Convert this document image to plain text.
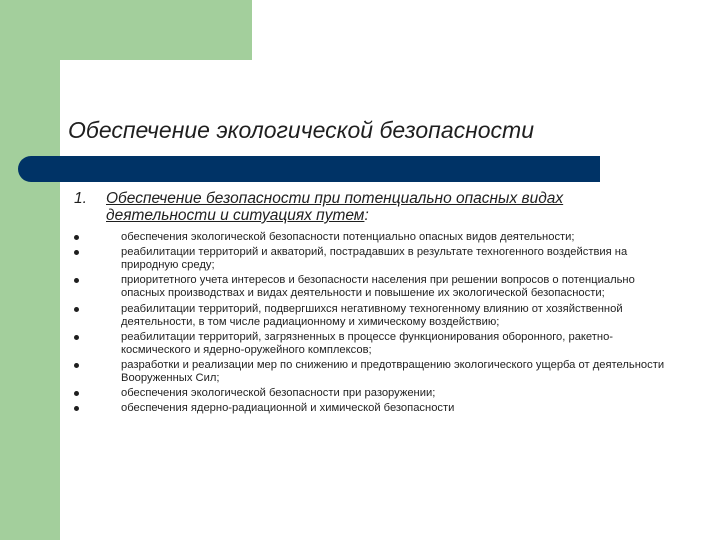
Обеспечение экологической безопасности
1.	Обеспечение безопасности при потенциально опасных видах деятельности и ситуациях путем:
обеспечения экологической безопасности потенциально опасных видов деятельности;
реабилитации территорий и акваторий, пострадавших в результате техногенного воздействия на природную среду;
приоритетного учета интересов и безопасности населения при решении вопросов о потенциально опасных производствах и видах деятельности и повышение их экологической безопасности;
реабилитации территорий, подвергшихся негативному техногенному влиянию от хозяйственной деятельности, в том числе радиационному и химическому воздействию;
реабилитации территорий, загрязненных в процессе функционирования оборонного, ракетно-космического и ядерно-оружейного комплексов;
разработки и реализации мер по снижению и предотвращению экологического ущерба от деятельности Вооруженных Сил;
обеспечения экологической безопасности при разоружении;
обеспечения ядерно-радиационной и химической безопасности
